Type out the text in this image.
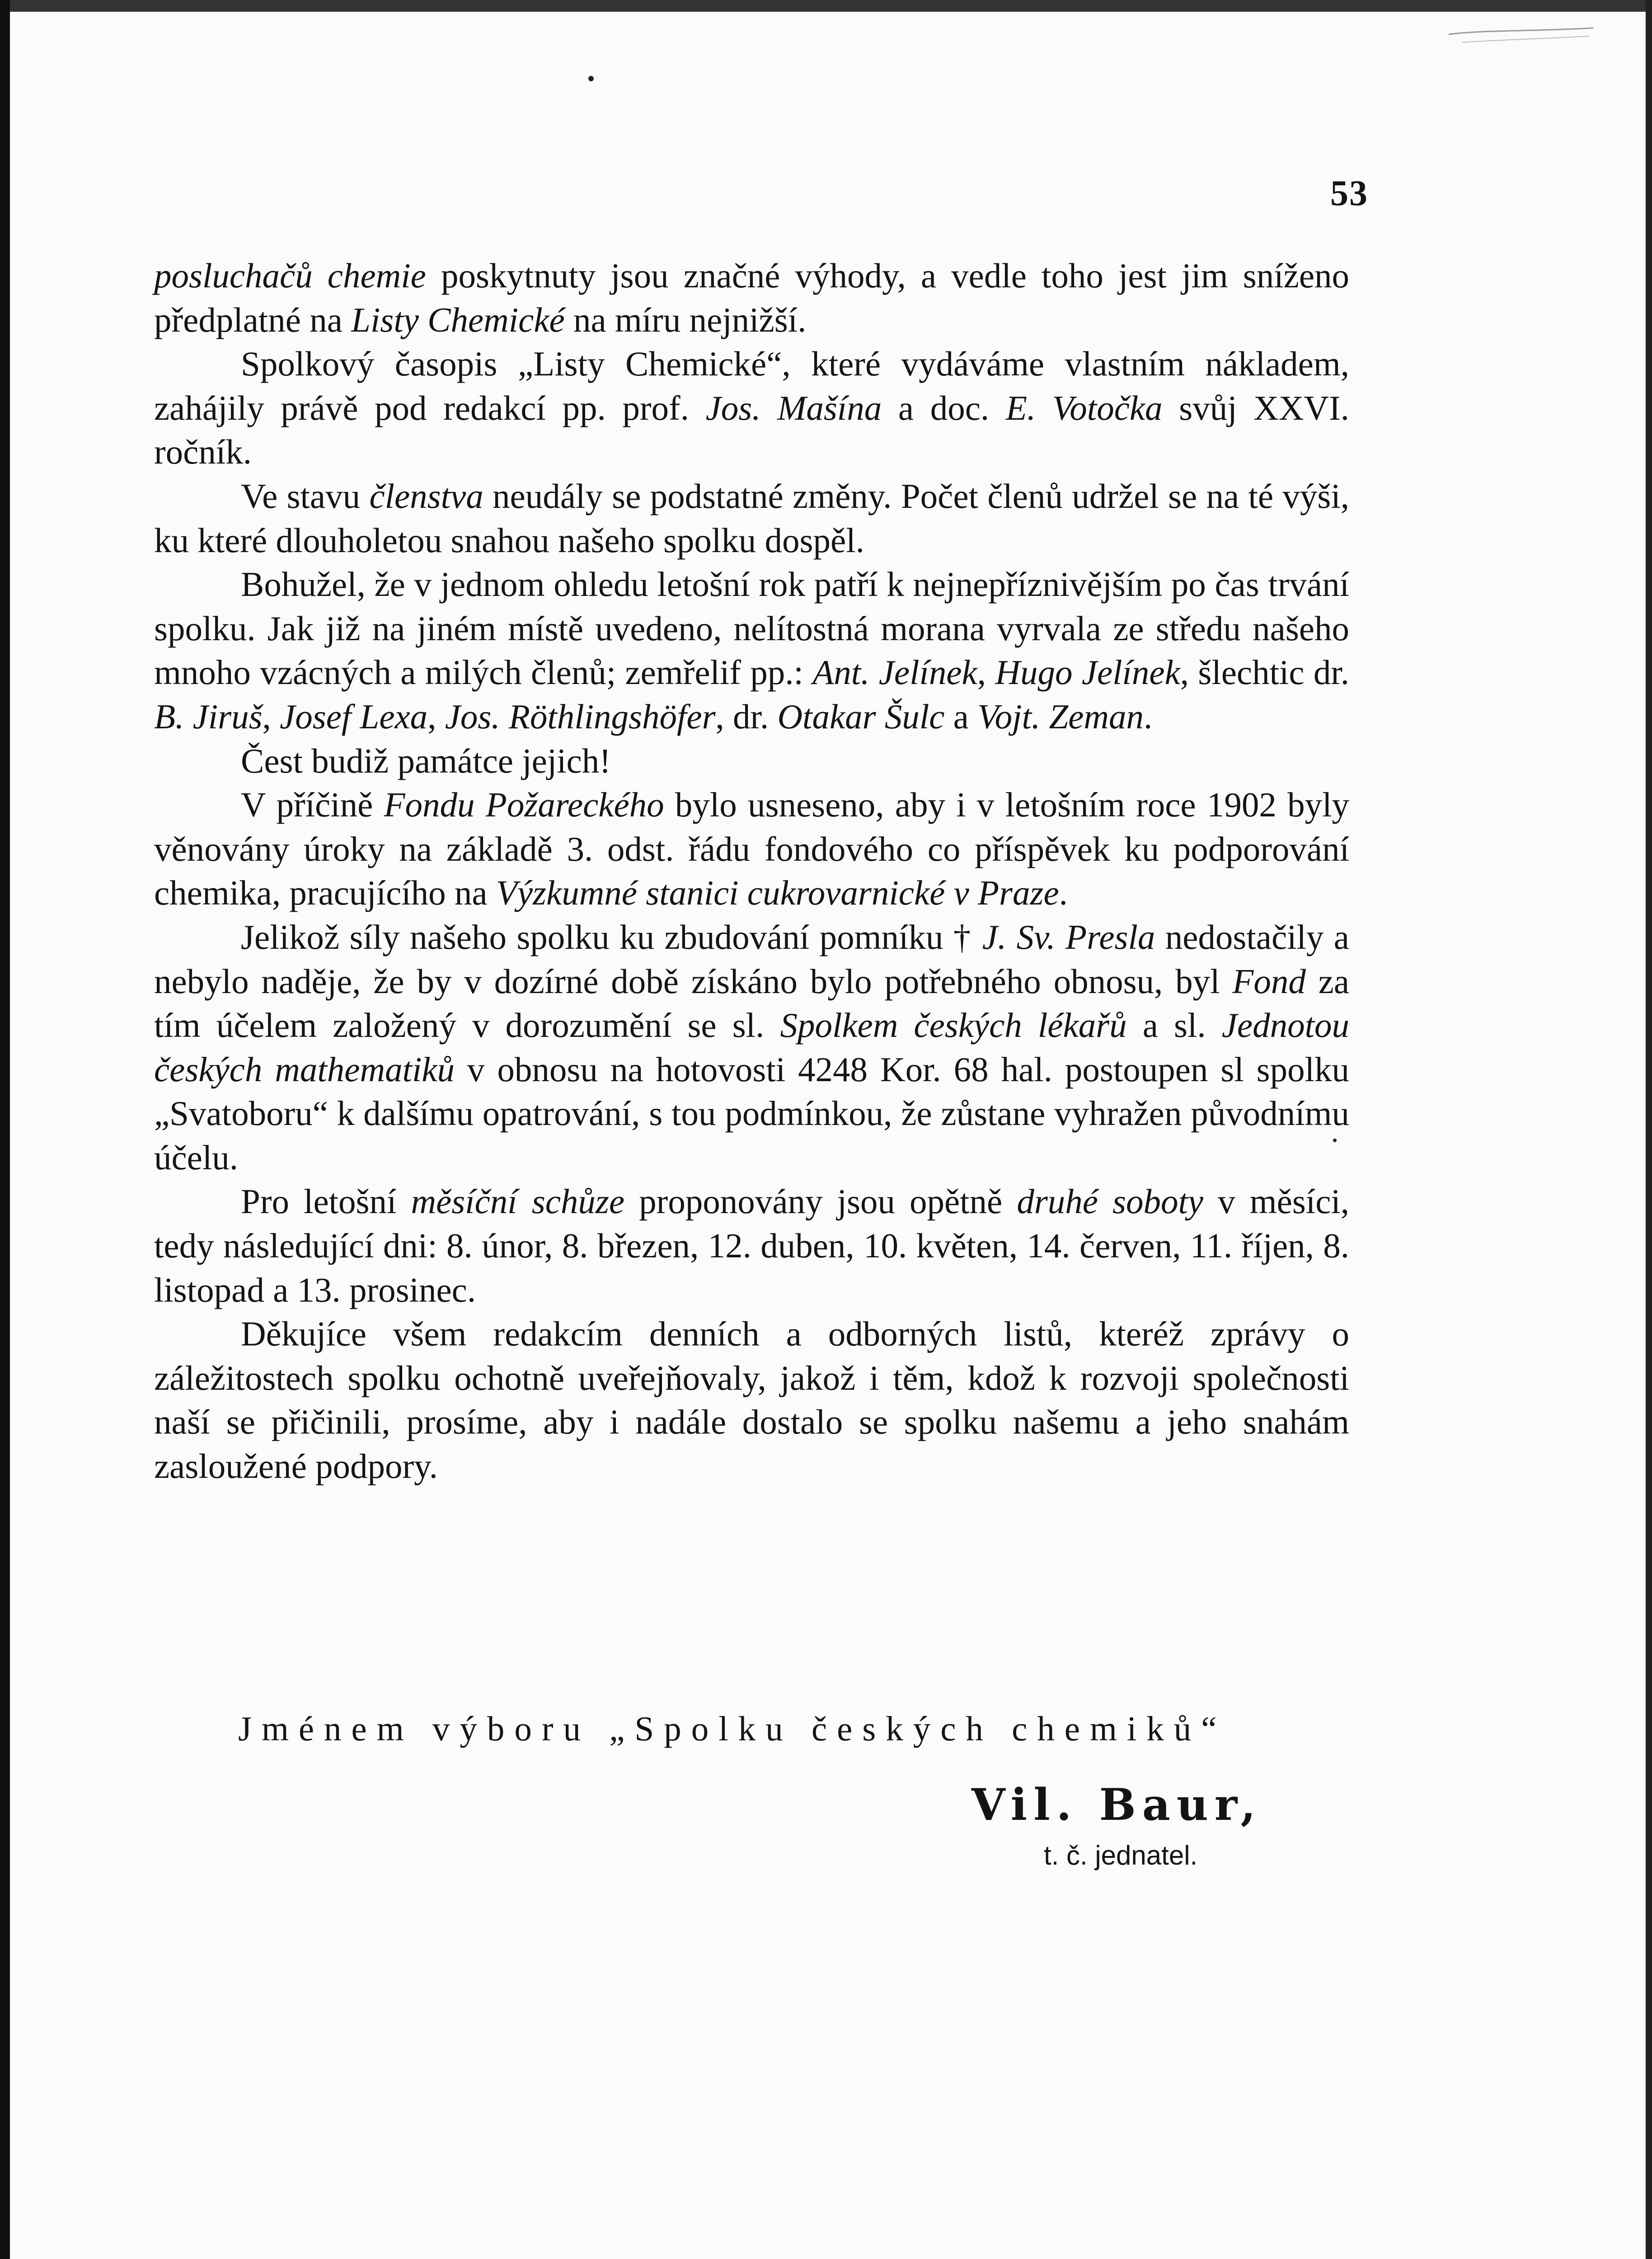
53

posluchačů chemie poskytnuty jsou značné výhody, a vedle toho jest jim sníženo předplatné na Listy Chemické na míru nejnižší.

Spolkový časopis „Listy Chemické“, které vydáváme vlastním nákladem, zahájily právě pod redakcí pp. prof. Jos. Mašína a doc. E. Votočka svůj XXVI. ročník.

Ve stavu členstva neudály se podstatné změny. Počet členů udržel se na té výši, ku které dlouholetou snahou našeho spolku dospěl.

Bohužel, že v jednom ohledu letošní rok patří k nejnepříznivějším po čas trvání spolku. Jak již na jiném místě uvedeno, nelítostná morana vyrvala ze středu našeho mnoho vzácných a milých členů; zemřelif pp.: Ant. Jelínek, Hugo Jelínek, šlechtic dr. B. Jiruš, Josef Lexa, Jos. Röthlingshöfer, dr. Otakar Šulc a Vojt. Zeman.

Čest budiž památce jejich!

V příčině Fondu Požareckého bylo usneseno, aby i v letošním roce 1902 byly věnovány úroky na základě 3. odst. řádu fondového co příspěvek ku podporování chemika, pracujícího na Výzkumné stanici cukrovarnické v Praze.

Jelikož síly našeho spolku ku zbudování pomníku † J. Sv. Presla nedostačily a nebylo naděje, že by v dozírné době získáno bylo potřebného obnosu, byl Fond za tím účelem založený v dorozumění se sl. Spolkem českých lékařů a sl. Jednotou českých mathematiků v obnosu na hotovosti 4248 Kor. 68 hal. postoupen sl spolku „Svatoboru“ k dalšímu opatrování, s tou podmínkou, že zůstane vyhražen původnímu účelu.

Pro letošní měsíční schůze proponovány jsou opětně druhé soboty v měsíci, tedy následující dni: 8. únor, 8. březen, 12. duben, 10. květen, 14. červen, 11. říjen, 8. listopad a 13. prosinec.

Děkujíce všem redakcím denních a odborných listů, kteréž zprávy o záležitostech spolku ochotně uveřejňovaly, jakož i těm, kdož k rozvoji společnosti naší se přičinili, prosíme, aby i nadále dostalo se spolku našemu a jeho snahám zasloužené podpory.

Jménem výboru „Spolku českých chemiků“
Vil. Baur,
t. č. jednatel.
